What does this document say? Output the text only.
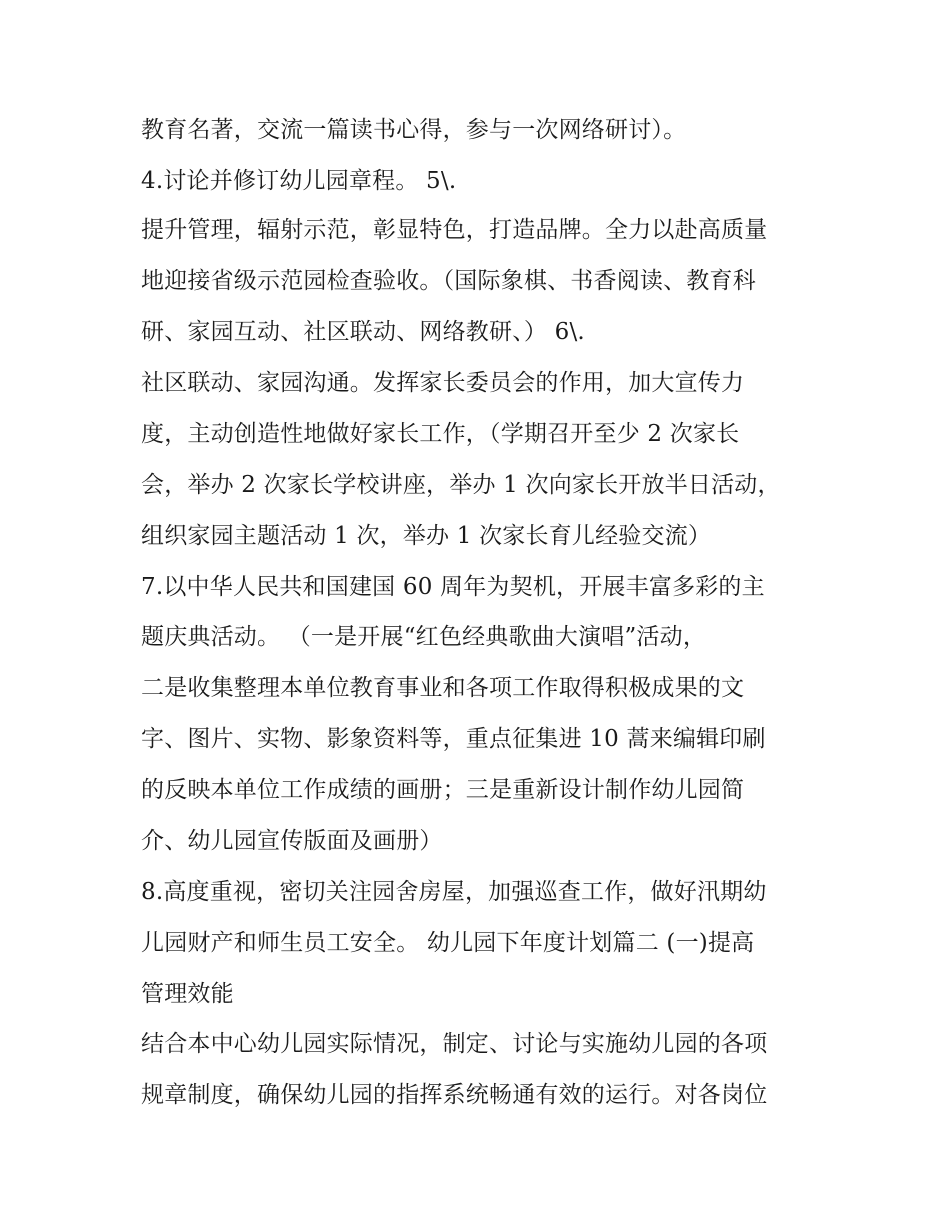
教育名著，交流一篇读书心得，参与一次网络研讨）。
4.讨论并修订幼儿园章程。 5\.
提升管理，辐射示范，彰显特色，打造品牌。全力以赴高质量
地迎接省级示范园检查验收。（国际象棋、书香阅读、教育科
研、家园互动、社区联动、网络教研、） 6\.
社区联动、家园沟通。发挥家长委员会的作用，加大宣传力
度，主动创造性地做好家长工作，（学期召开至少 2 次家长
会，举办 2 次家长学校讲座，举办 1 次向家长开放半日活动，
组织家园主题活动 1 次，举办 1 次家长育儿经验交流）
7.以中华人民共和国建国 60 周年为契机，开展丰富多彩的主
题庆典活动。 （一是开展“红色经典歌曲大演唱”活动，
二是收集整理本单位教育事业和各项工作取得积极成果的文
字、图片、实物、影象资料等，重点征集进 10 蒿来编辑印刷
的反映本单位工作成绩的画册；三是重新设计制作幼儿园简
介、幼儿园宣传版面及画册）
8.高度重视，密切关注园舍房屋，加强巡查工作，做好汛期幼
儿园财产和师生员工安全。 幼儿园下年度计划篇二 (一)提高
管理效能
结合本中心幼儿园实际情况，制定、讨论与实施幼儿园的各项
规章制度，确保幼儿园的指挥系统畅通有效的运行。对各岗位
